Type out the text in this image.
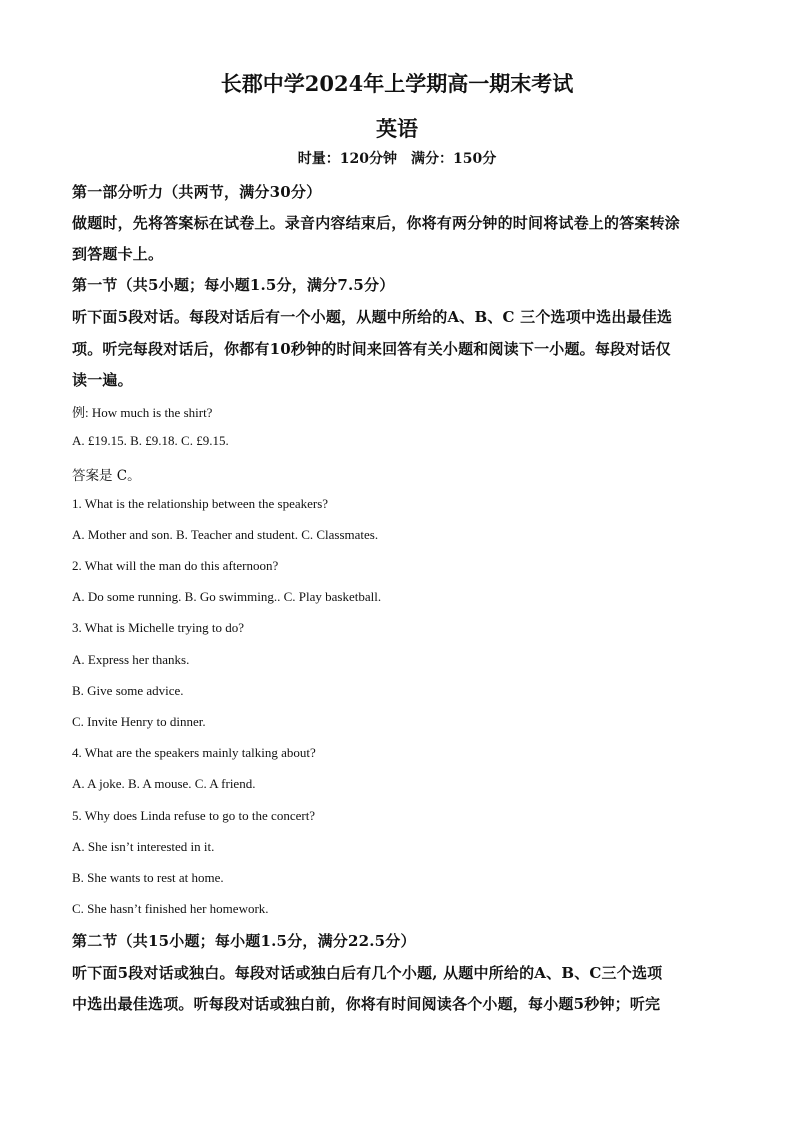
长郡中学2024年上学期高一期末考试
英语
时量：120分钟　满分：150分
第一部分听力（共两节，满分30分）
做题时，先将答案标在试卷上。录音内容结束后，你将有两分钟的时间将试卷上的答案转涂
到答题卡上。
第一节（共5小题；每小题1.5分，满分7.5分）
听下面5段对话。每段对话后有一个小题，从题中所给的A、B、C 三个选项中选出最佳选
项。听完每段对话后，你都有10秒钟的时间来回答有关小题和阅读下一小题。每段对话仅
读一遍。
例: How much is the shirt?
A. £19.15. B. £9.18. C. £9.15.
答案是 C。
1. What is the relationship between the speakers?
A. Mother and son. B. Teacher and student. C. Classmates.
2. What will the man do this afternoon?
A. Do some running. B. Go swimming.. C. Play basketball.
3. What is Michelle trying to do?
A. Express her thanks.
B. Give some advice.
C. Invite Henry to dinner.
4. What are the speakers mainly talking about?
A. A joke. B. A mouse. C. A friend.
5. Why does Linda refuse to go to the concert?
A. She isn’t interested in it.
B. She wants to rest at home.
C. She hasn’t finished her homework.
第二节（共15小题；每小题1.5分，满分22.5分）
听下面5段对话或独白。每段对话或独白后有几个小题, 从题中所给的A、B、C三个选项
中选出最佳选项。听每段对话或独白前，你将有时间阅读各个小题，每小题5秒钟；听完
